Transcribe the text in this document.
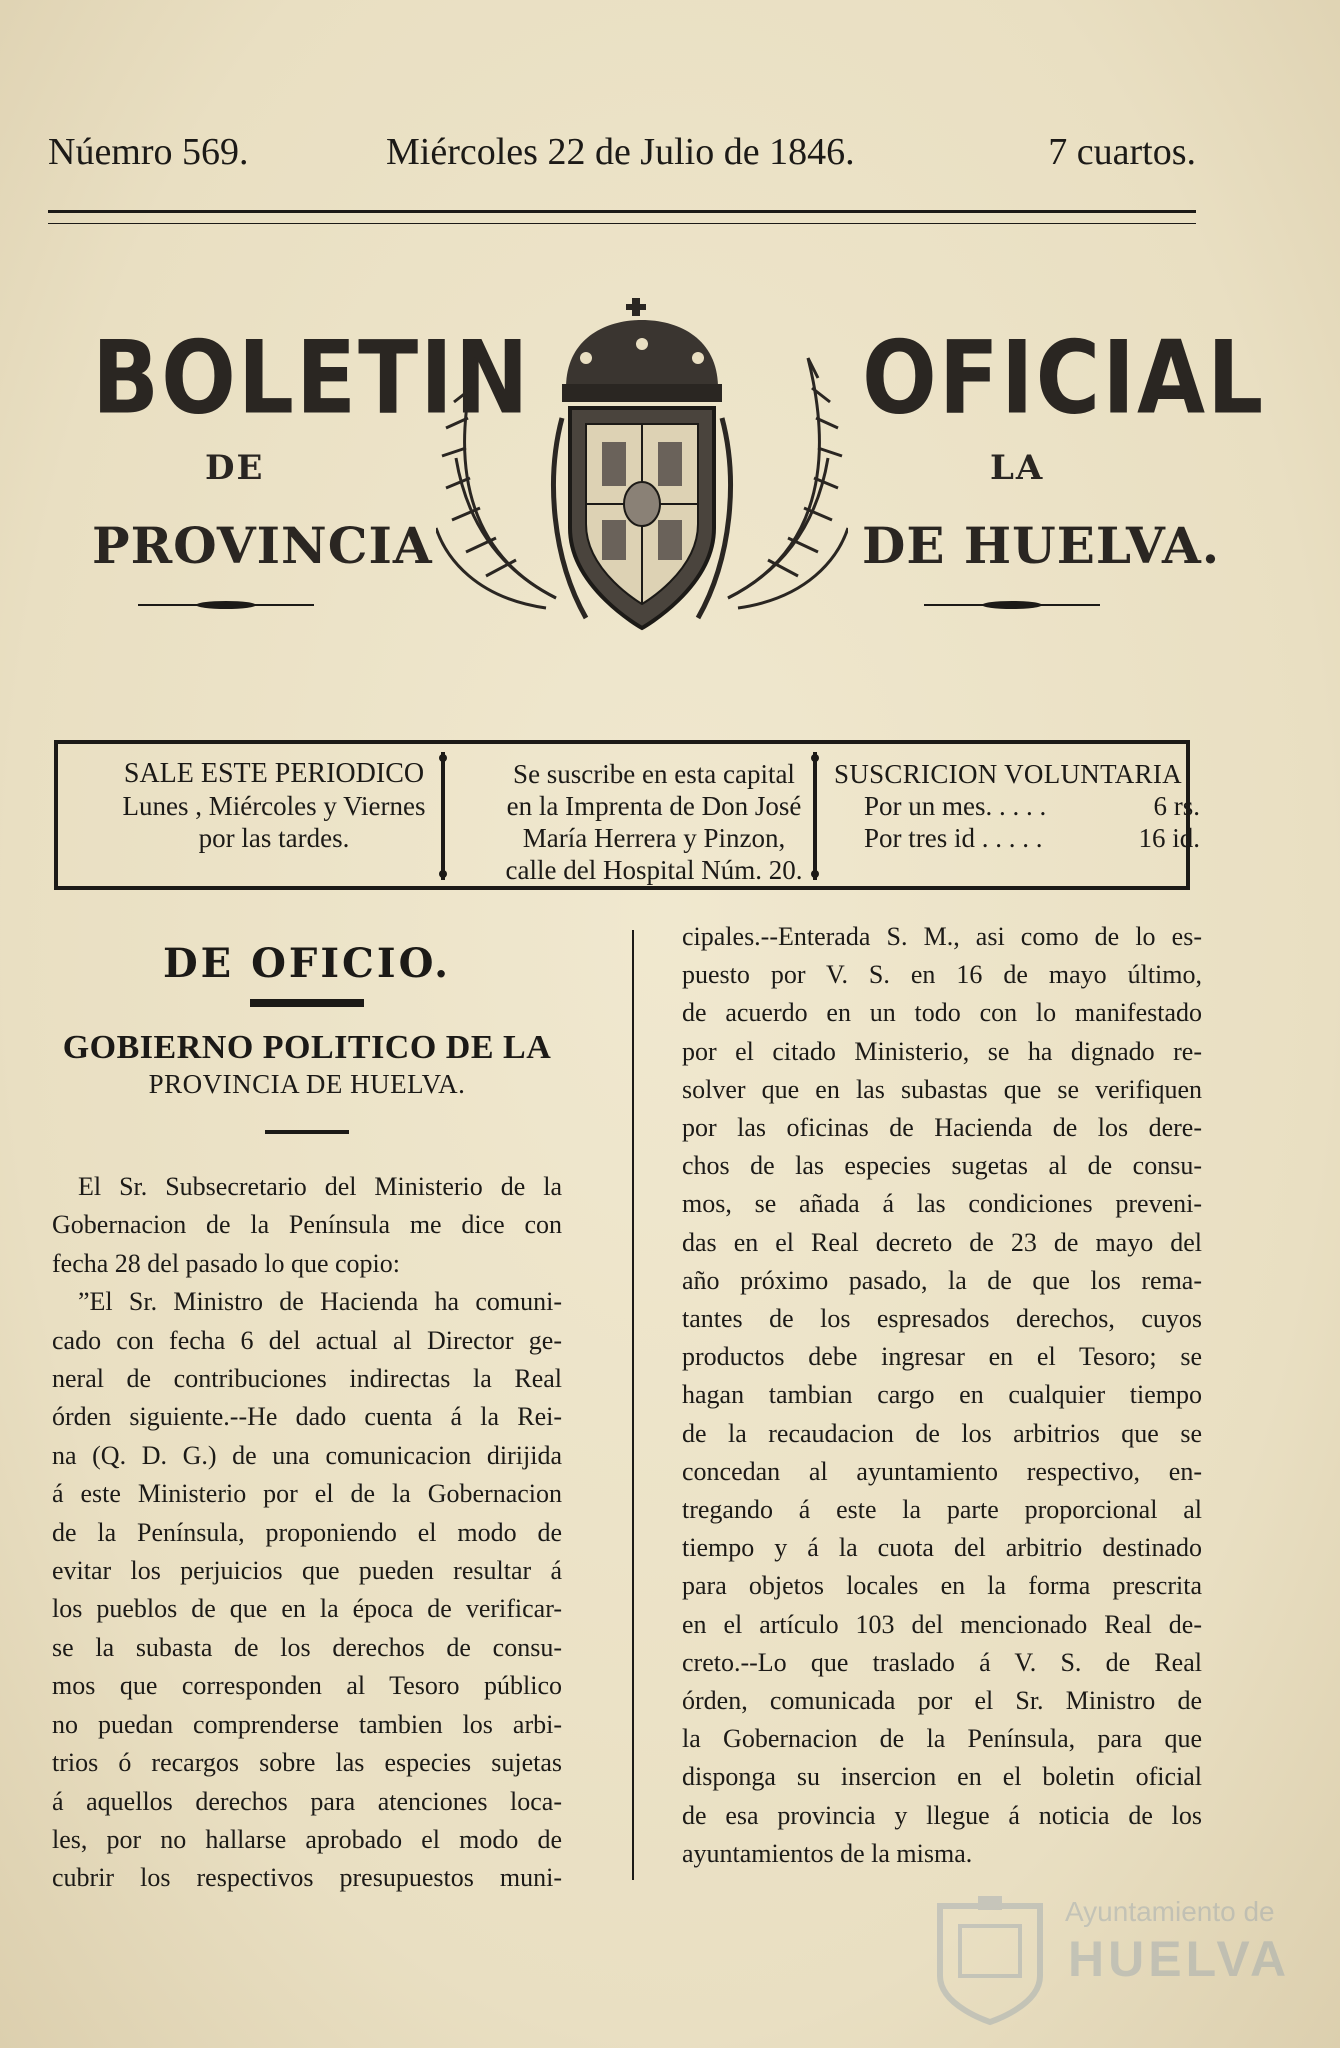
Núemro 569.	Miércoles 22 de Julio de 1846.	7 cuartos.
BOLETIN	OFICIAL
DE	LA
PROVINCIA	DE HUELVA.
SALE ESTE PERIODICO
Lunes , Miércoles y Viernes
por las tardes.
Se suscribe en esta capital
en la Imprenta de Don José
María Herrera y Pinzon,
calle del Hospital Núm. 20.
SUSCRICION VOLUNTARIA
Por un mes. . . . .	6 rs.
Por tres id . . . . .	16 id.
DE OFICIO.
GOBIERNO POLITICO DE LA
PROVINCIA DE HUELVA.
El Sr. Subsecretario del Ministerio de la
Gobernacion de la Península me dice con
fecha 28 del pasado lo que copio:
”El Sr. Ministro de Hacienda ha comuni-
cado con fecha 6 del actual al Director ge-
neral de contribuciones indirectas la Real
órden siguiente.--He dado cuenta á la Rei-
na (Q. D. G.) de una comunicacion dirijida
á este Ministerio por el de la Gobernacion
de la Península, proponiendo el modo de
evitar los perjuicios que pueden resultar á
los pueblos de que en la época de verificar-
se la subasta de los derechos de consu-
mos que corresponden al Tesoro público
no puedan comprenderse tambien los arbi-
trios ó recargos sobre las especies sujetas
á aquellos derechos para atenciones loca-
les, por no hallarse aprobado el modo de
cubrir los respectivos presupuestos muni-
cipales.--Enterada S. M., asi como de lo es-
puesto por V. S. en 16 de mayo último,
de acuerdo en un todo con lo manifestado
por el citado Ministerio, se ha dignado re-
solver que en las subastas que se verifiquen
por las oficinas de Hacienda de los dere-
chos de las especies sugetas al de consu-
mos, se añada á las condiciones preveni-
das en el Real decreto de 23 de mayo del
año próximo pasado, la de que los rema-
tantes de los espresados derechos, cuyos
productos debe ingresar en el Tesoro; se
hagan tambian cargo en cualquier tiempo
de la recaudacion de los arbitrios que se
concedan al ayuntamiento respectivo, en-
tregando á este la parte proporcional al
tiempo y á la cuota del arbitrio destinado
para objetos locales en la forma prescrita
en el artículo 103 del mencionado Real de-
creto.--Lo que traslado á V. S. de Real
órden, comunicada por el Sr. Ministro de
la Gobernacion de la Península, para que
disponga su insercion en el boletin oficial
de esa provincia y llegue á noticia de los
ayuntamientos de la misma.
Ayuntamiento de
HUELVA
